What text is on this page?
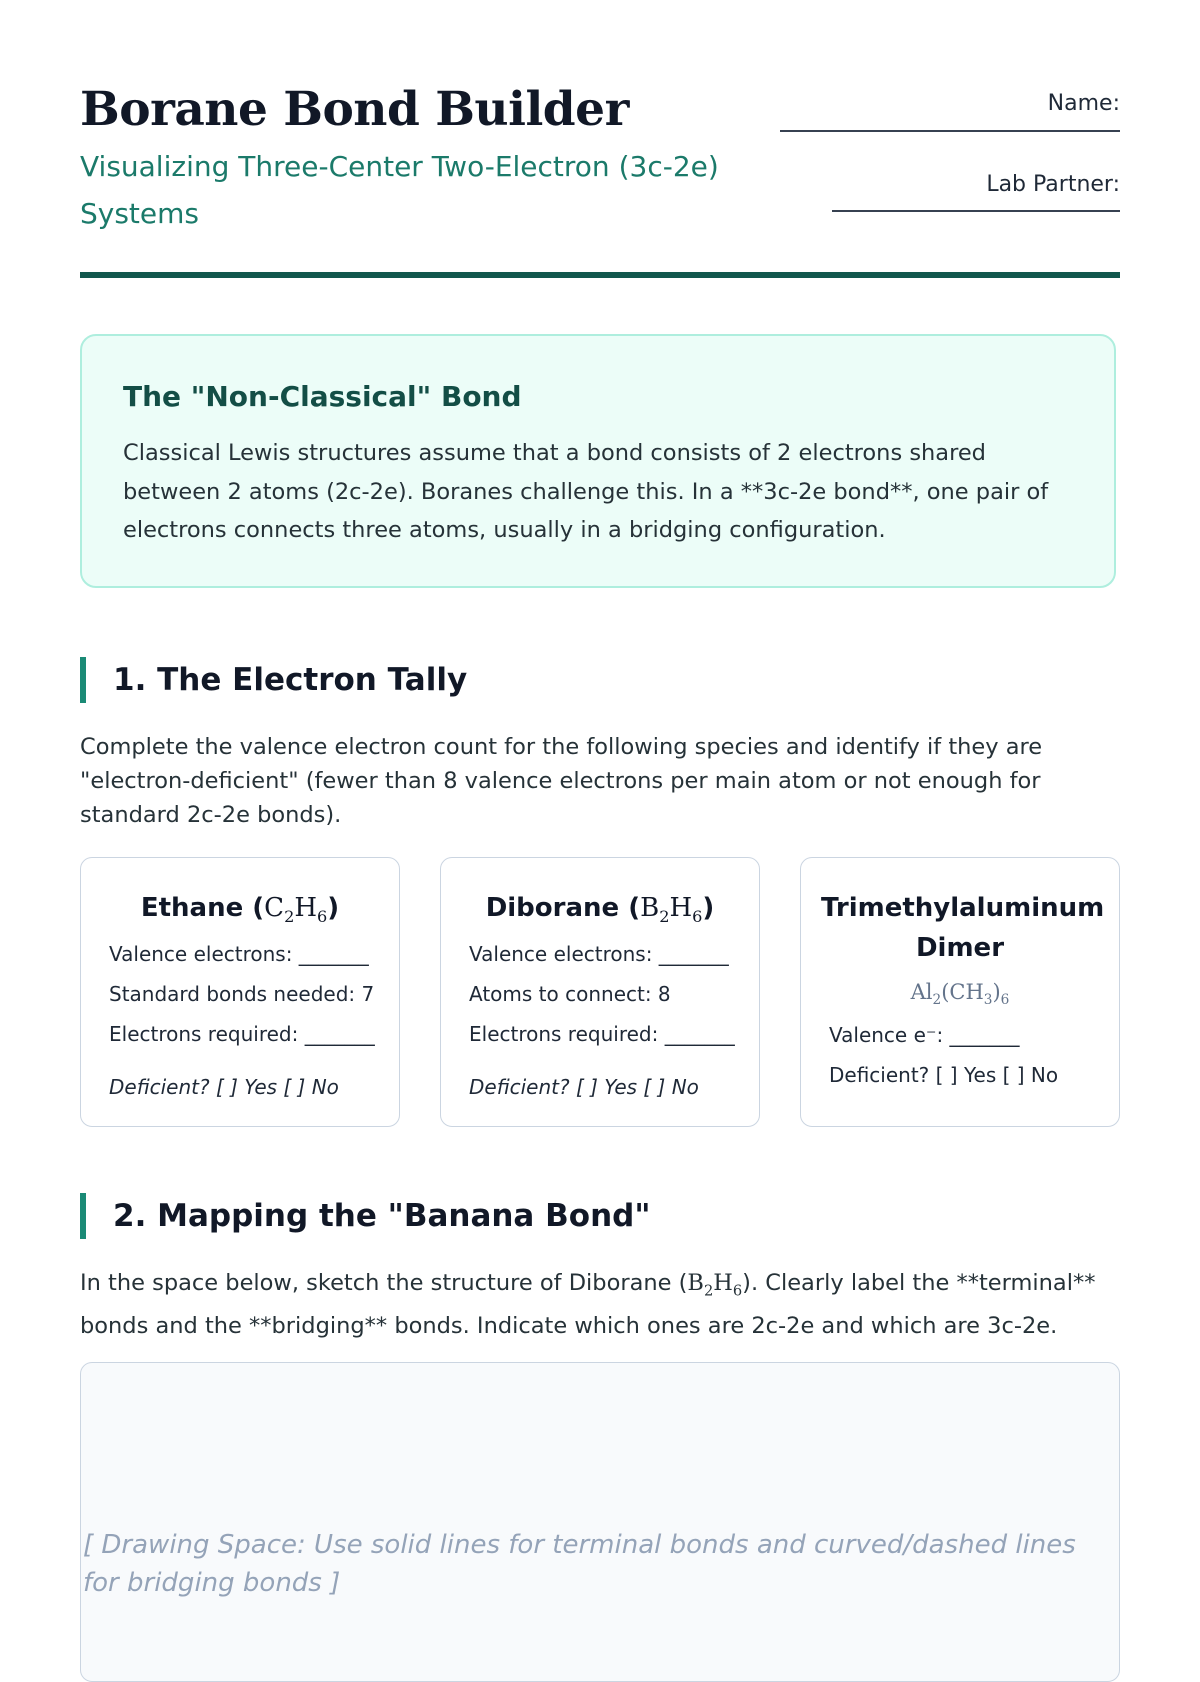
Borane Bond Builder

Visualizing Three-Center Two-Electron (3c-2e) Systems

Name:
Lab Partner:
The "Non-Classical" Bond

Classical Lewis structures assume that a bond consists of 2 electrons shared between 2 atoms (2c-2e). Boranes challenge this. In a **3c-2e bond**, one pair of electrons connects three atoms, usually in a bridging configuration.

1. The Electron Tally

Complete the valence electron count for the following species and identify if they are "electron-deficient" (fewer than 8 valence electrons per main atom or not enough for standard 2c-2e bonds).

Ethane $(C_2H_6)$
Valence electrons: _______
Standard bonds needed: 7
Electrons required: _______
Deficient? [ ] Yes [ ] No
Diborane $(B_2H_6)$
Valence electrons: _______
Atoms to connect: 8
Electrons required: _______
Deficient? [ ] Yes [ ] No
Trimethylaluminum Dimer
$Al_2(CH_3)_6$
Valence e⁻: _______
Deficient? [ ] Yes [ ] No
2. Mapping the "Banana Bond"

In the space below, sketch the structure of Diborane $(B_2H_6)$. Clearly label the **terminal** bonds and the **bridging** bonds. Indicate which ones are 2c-2e and which are 3c-2e.

[ Drawing Space: Use solid lines for terminal bonds and curved/dashed lines for bridging bonds ]
